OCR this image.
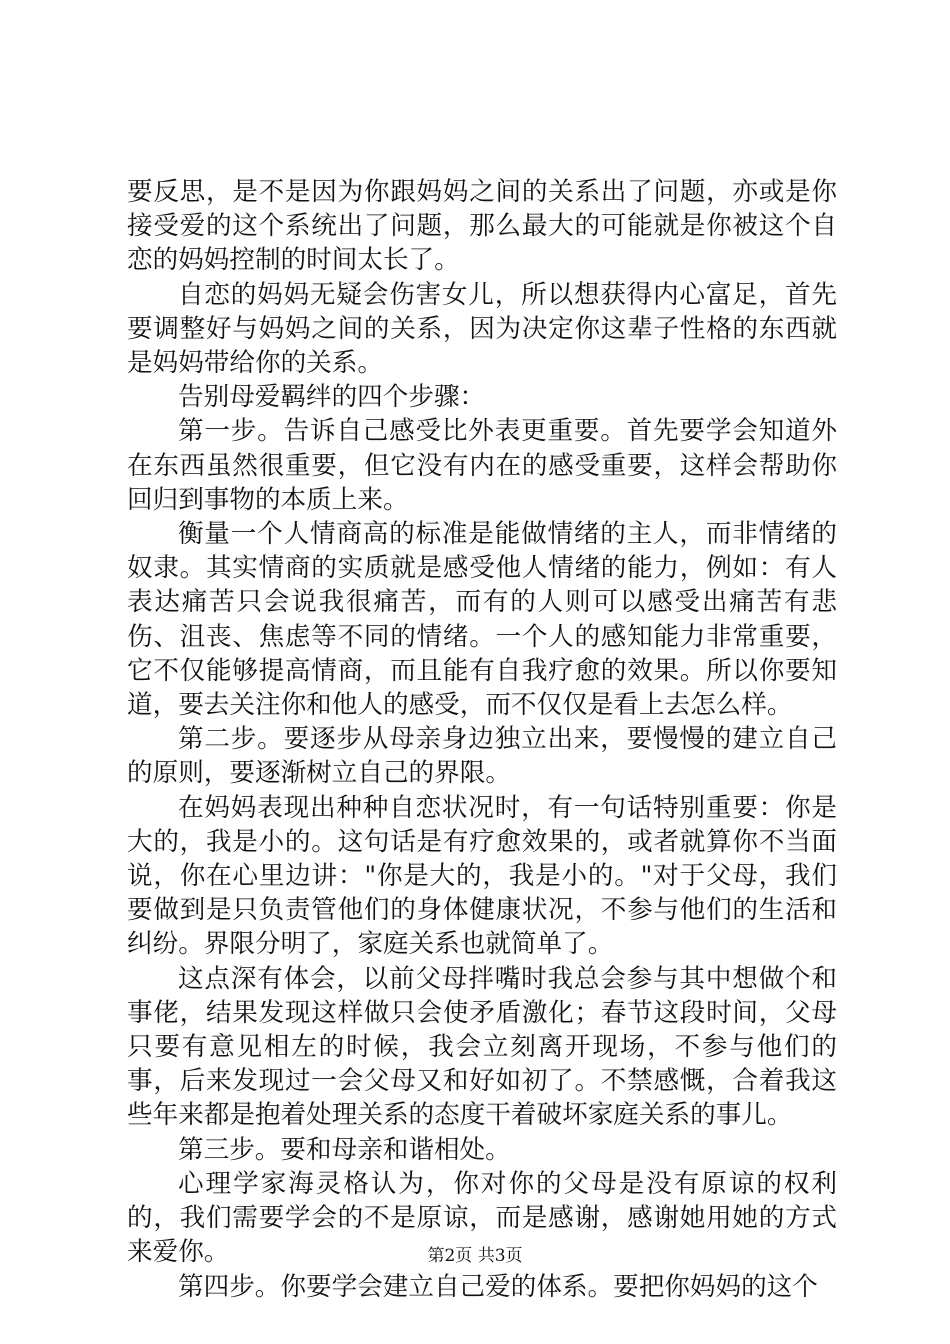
要反思，是不是因为你跟妈妈之间的关系出了问题，亦或是你接受爱的这个系统出了问题，那么最大的可能就是你被这个自恋的妈妈控制的时间太长了。

自恋的妈妈无疑会伤害女儿，所以想获得内心富足，首先要调整好与妈妈之间的关系，因为决定你这辈子性格的东西就是妈妈带给你的关系。

告别母爱羁绊的四个步骤：

第一步。告诉自己感受比外表更重要。首先要学会知道外在东西虽然很重要，但它没有内在的感受重要，这样会帮助你回归到事物的本质上来。

衡量一个人情商高的标准是能做情绪的主人，而非情绪的奴隶。其实情商的实质就是感受他人情绪的能力，例如：有人表达痛苦只会说我很痛苦，而有的人则可以感受出痛苦有悲伤、沮丧、焦虑等不同的情绪。一个人的感知能力非常重要，它不仅能够提高情商，而且能有自我疗愈的效果。所以你要知道，要去关注你和他人的感受，而不仅仅是看上去怎么样。

第二步。要逐步从母亲身边独立出来，要慢慢的建立自己的原则，要逐渐树立自己的界限。

在妈妈表现出种种自恋状况时，有一句话特别重要：你是大的，我是小的。这句话是有疗愈效果的，或者就算你不当面说，你在心里边讲："你是大的，我是小的。"对于父母，我们要做到是只负责管他们的身体健康状况，不参与他们的生活和纠纷。界限分明了，家庭关系也就简单了。

这点深有体会，以前父母拌嘴时我总会参与其中想做个和事佬，结果发现这样做只会使矛盾激化；春节这段时间，父母只要有意见相左的时候，我会立刻离开现场，不参与他们的事，后来发现过一会父母又和好如初了。不禁感慨，合着我这些年来都是抱着处理关系的态度干着破坏家庭关系的事儿。

第三步。要和母亲和谐相处。

心理学家海灵格认为，你对你的父母是没有原谅的权利的，我们需要学会的不是原谅，而是感谢，感谢她用她的方式来爱你。

第四步。你要学会建立自己爱的体系。要把你妈妈的这个

第2页 共3页
